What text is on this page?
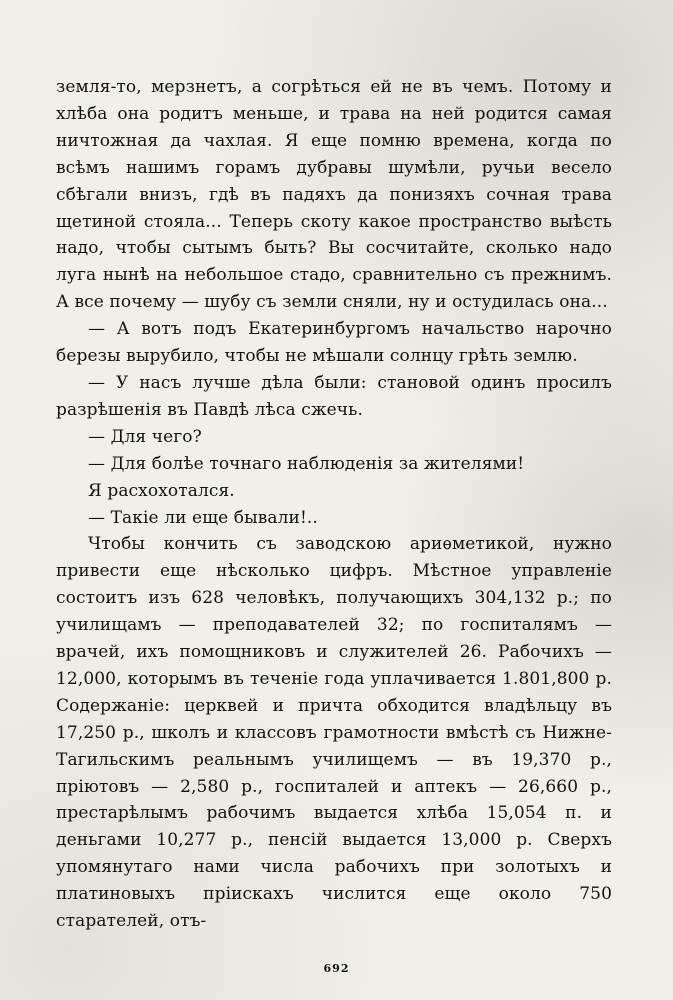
земля-то, мерзнетъ, а согрѣться ей не въ чемъ. Потому и хлѣба она родитъ меньше, и трава на ней родится самая ничтожная да чахлая. Я еще помню времена, когда по всѣмъ нашимъ горамъ дубравы шумѣли, ручьи весело сбѣгали внизъ, гдѣ въ падяхъ да понизяхъ сочная трава щетиной стояла... Теперь скоту какое пространство выѣсть надо, чтобы сытымъ быть? Вы сосчитайте, сколько надо луга нынѣ на небольшое стадо, сравнительно съ прежнимъ. А все почему — шубу съ земли сняли, ну и остудилась она...

— А вотъ подъ Екатеринбургомъ начальство нарочно березы вырубило, чтобы не мѣшали солнцу грѣть землю.

— У насъ лучше дѣла были: становой одинъ просилъ разрѣшенія въ Павдѣ лѣса сжечь.

— Для чего?

— Для болѣе точнаго наблюденія за жителями!

Я расхохотался.

— Такіе ли еще бывали!..

Чтобы кончить съ заводскою ариѳметикой, нужно привести еще нѣсколько цифръ. Мѣстное управленіе состоитъ изъ 628 человѣкъ, получающихъ 304,132 р.; по училищамъ — преподавателей 32; по госпиталямъ — врачей, ихъ помощниковъ и служителей 26. Рабочихъ — 12,000, которымъ въ теченіе года уплачивается 1.801,800 р. Содержаніе: церквей и причта обходится владѣльцу въ 17,250 р., школъ и классовъ грамотности вмѣстѣ съ Нижне-Тагильскимъ реальнымъ училищемъ — въ 19,370 р., пріютовъ — 2,580 р., госпиталей и аптекъ — 26,660 р., престарѣлымъ рабочимъ выдается хлѣба 15,054 п. и деньгами 10,277 р., пенсій выдается 13,000 р. Сверхъ упомянутаго нами числа рабочихъ при золотыхъ и платиновыхъ пріискахъ числится еще около 750 старателей, отъ-

692
